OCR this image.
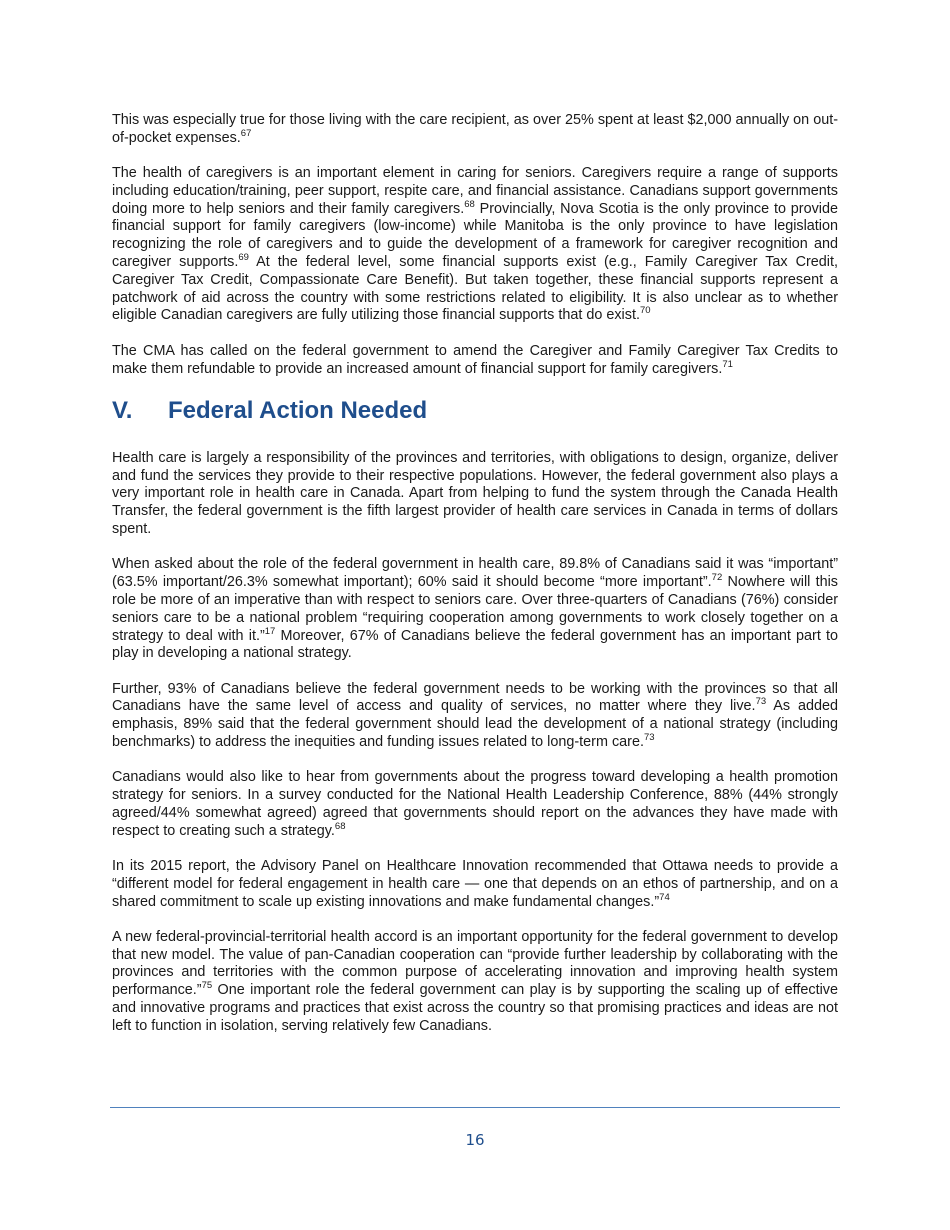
This was especially true for those living with the care recipient, as over 25% spent at least $2,000 annually on out-of-pocket expenses.$^{67}$

The health of caregivers is an important element in caring for seniors. Caregivers require a range of supports including education/training, peer support, respite care, and financial assistance. Canadians support governments doing more to help seniors and their family caregivers.$^{68}$ Provincially, Nova Scotia is the only province to provide financial support for family caregivers (low-income) while Manitoba is the only province to have legislation recognizing the role of caregivers and to guide the development of a framework for caregiver recognition and caregiver supports.$^{69}$ At the federal level, some financial supports exist (e.g., Family Caregiver Tax Credit, Caregiver Tax Credit, Compassionate Care Benefit). But taken together, these financial supports represent a patchwork of aid across the country with some restrictions related to eligibility. It is also unclear as to whether eligible Canadian caregivers are fully utilizing those financial supports that do exist.$^{70}$

The CMA has called on the federal government to amend the Caregiver and Family Caregiver Tax Credits to make them refundable to provide an increased amount of financial support for family caregivers.$^{71}$

V.	Federal Action Needed

Health care is largely a responsibility of the provinces and territories, with obligations to design, organize, deliver and fund the services they provide to their respective populations. However, the federal government also plays a very important role in health care in Canada. Apart from helping to fund the system through the Canada Health Transfer, the federal government is the fifth largest provider of health care services in Canada in terms of dollars spent.

When asked about the role of the federal government in health care, 89.8% of Canadians said it was “important” (63.5% important/26.3% somewhat important); 60% said it should become “more important”.$^{72}$ Nowhere will this role be more of an imperative than with respect to seniors care. Over three-quarters of Canadians (76%) consider seniors care to be a national problem “requiring cooperation among governments to work closely together on a strategy to deal with it.”$^{17}$ Moreover, 67% of Canadians believe the federal government has an important part to play in developing a national strategy.

Further, 93% of Canadians believe the federal government needs to be working with the provinces so that all Canadians have the same level of access and quality of services, no matter where they live.$^{73}$ As added emphasis, 89% said that the federal government should lead the development of a national strategy (including benchmarks) to address the inequities and funding issues related to long-term care.$^{73}$

Canadians would also like to hear from governments about the progress toward developing a health promotion strategy for seniors. In a survey conducted for the National Health Leadership Conference, 88% (44% strongly agreed/44% somewhat agreed) agreed that governments should report on the advances they have made with respect to creating such a strategy.$^{68}$

In its 2015 report, the Advisory Panel on Healthcare Innovation recommended that Ottawa needs to provide a “different model for federal engagement in health care — one that depends on an ethos of partnership, and on a shared commitment to scale up existing innovations and make fundamental changes.”$^{74}$

A new federal-provincial-territorial health accord is an important opportunity for the federal government to develop that new model. The value of pan-Canadian cooperation can “provide further leadership by collaborating with the provinces and territories with the common purpose of accelerating innovation and improving health system performance.”$^{75}$ One important role the federal government can play is by supporting the scaling up of effective and innovative programs and practices that exist across the country so that promising practices and ideas are not left to function in isolation, serving relatively few Canadians.

16
